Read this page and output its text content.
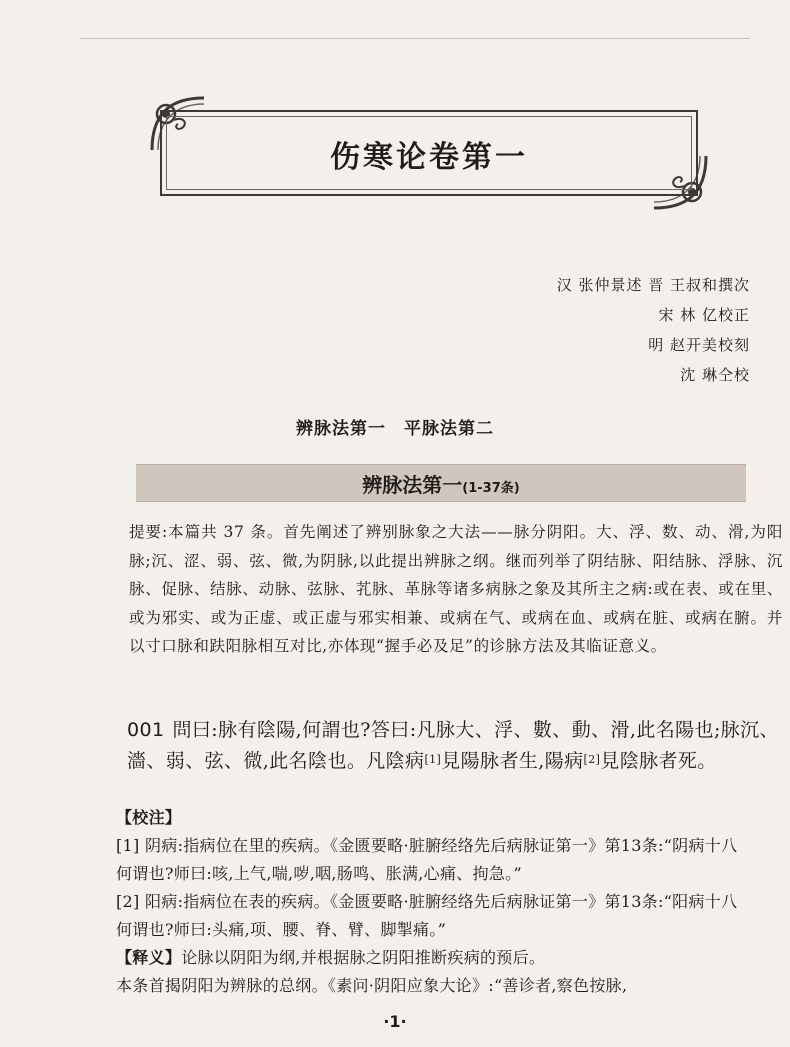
伤寒论卷第一
汉 张仲景述 晋 王叔和撰次
宋 林 亿校正
明 赵开美校刻
沈 琳仝校
辨脉法第一　平脉法第二
辨脉法第一(1-37条)
提要:本篇共 37 条。首先阐述了辨别脉象之大法——脉分阴阳。大、浮、数、动、滑,为阳脉;沉、涩、弱、弦、微,为阴脉,以此提出辨脉之纲。继而列举了阴结脉、阳结脉、浮脉、沉脉、促脉、结脉、动脉、弦脉、芤脉、革脉等诸多病脉之象及其所主之病:或在表、或在里、或为邪实、或为正虚、或正虚与邪实相兼、或病在气、或病在血、或病在脏、或病在腑。并以寸口脉和趺阳脉相互对比,亦体现“握手必及足”的诊脉方法及其临证意义。
001 問曰:脉有陰陽,何謂也?答曰:凡脉大、浮、數、動、滑,此名陽也;脉沉、濇、弱、弦、微,此名陰也。凡陰病[1]見陽脉者生,陽病[2]見陰脉者死。
【校注】
[1] 阴病:指病位在里的疾病。《金匮要略·脏腑经络先后病脉证第一》第13条:“阴病十八何谓也?师曰:咳,上气,喘,哕,咽,肠鸣、胀满,心痛、拘急。”
[2] 阳病:指病位在表的疾病。《金匮要略·脏腑经络先后病脉证第一》第13条:“阳病十八何谓也?师曰:头痛,项、腰、脊、臂、脚掣痛。”
【释义】论脉以阴阳为纲,并根据脉之阴阳推断疾病的预后。
本条首揭阴阳为辨脉的总纲。《素问·阴阳应象大论》:“善诊者,察色按脉,
·1·
